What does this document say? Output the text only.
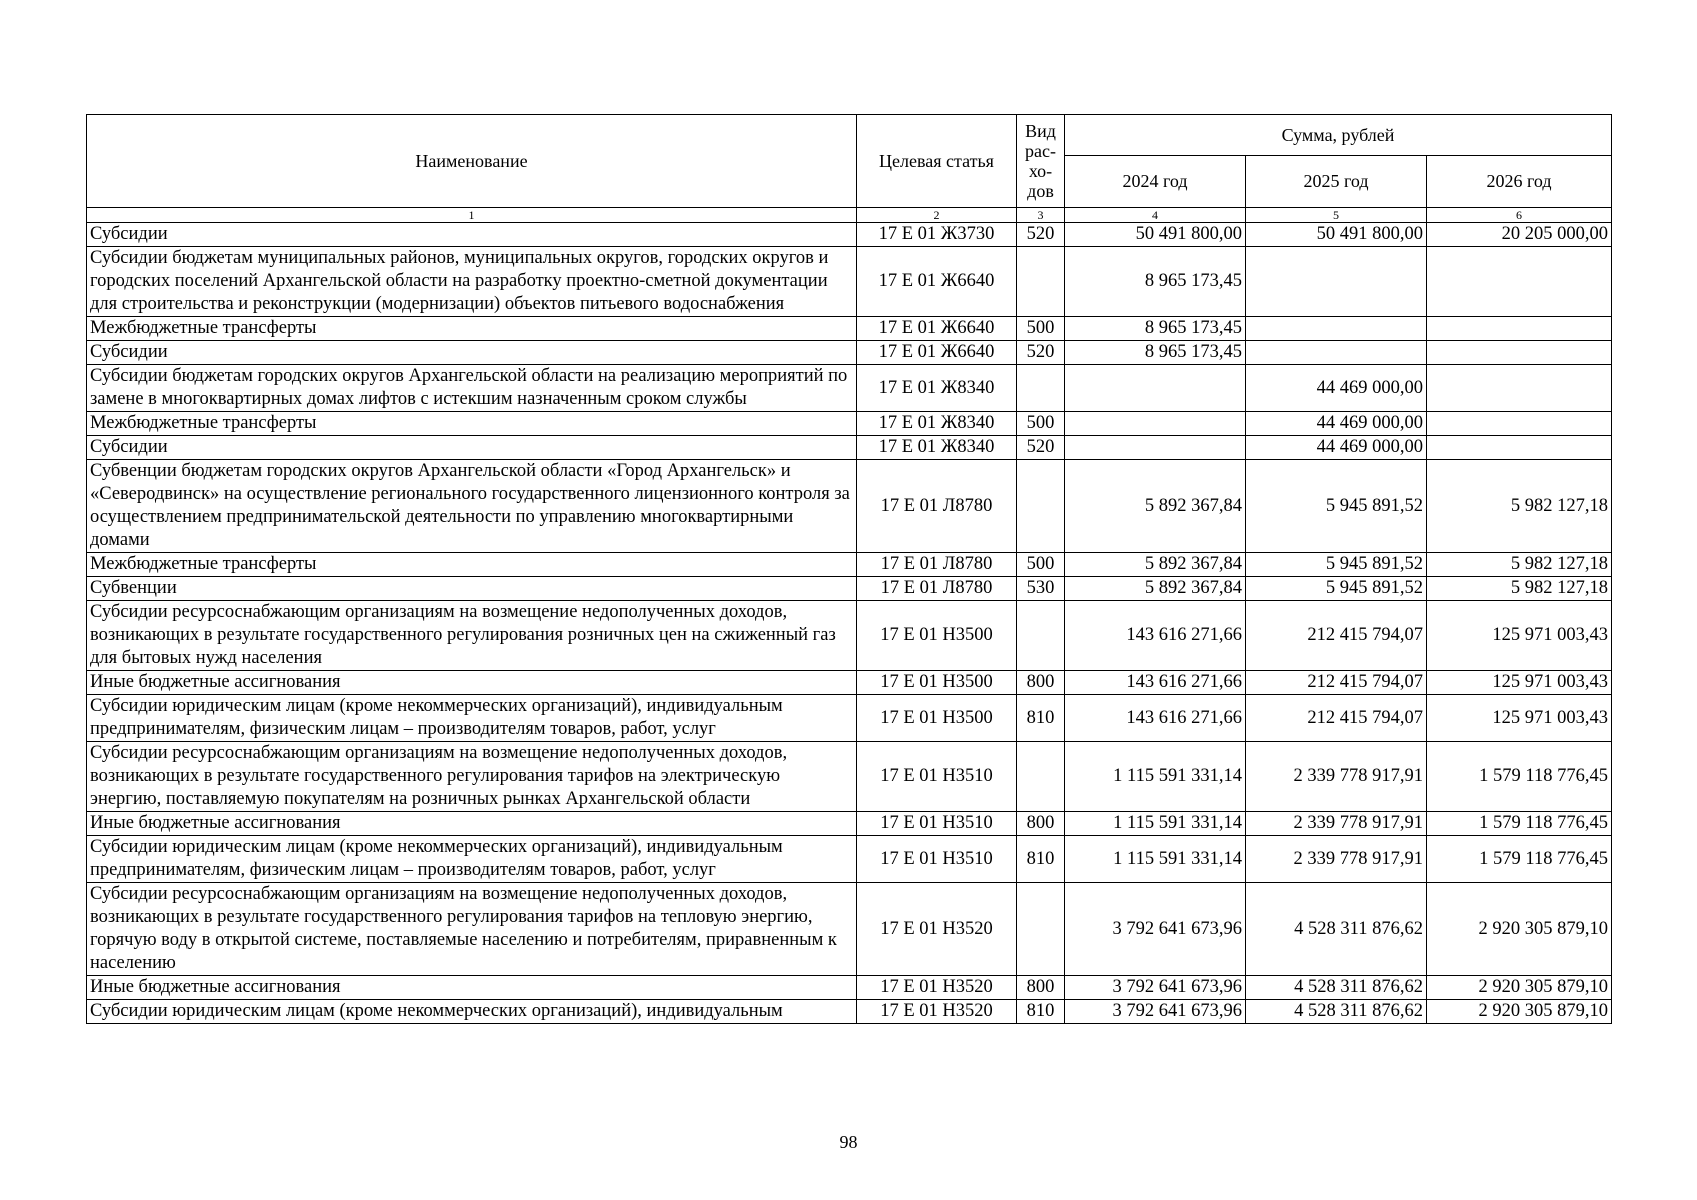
Наименование	Целевая статья	Вид рас-хо-дов	Сумма, рублей		
			2024 год	2025 год	2026 год
1	2	3	4	5	6
Субсидии	17 Е 01 Ж3730	520	50 491 800,00	50 491 800,00	20 205 000,00
Субсидии бюджетам муниципальных районов, муниципальных округов, городских округов и городских поселений Архангельской области на разработку проектно-сметной документации для строительства и реконструкции (модернизации) объектов питьевого водоснабжения	17 Е 01 Ж6640		8 965 173,45		
Межбюджетные трансферты	17 Е 01 Ж6640	500	8 965 173,45		
Субсидии	17 Е 01 Ж6640	520	8 965 173,45		
Субсидии бюджетам городских округов Архангельской области на реализацию мероприятий по замене в многоквартирных домах лифтов с истекшим назначенным сроком службы	17 Е 01 Ж8340			44 469 000,00	
Межбюджетные трансферты	17 Е 01 Ж8340	500		44 469 000,00	
Субсидии	17 Е 01 Ж8340	520		44 469 000,00	
Субвенции бюджетам городских округов Архангельской области «Город Архангельск» и «Северодвинск» на осуществление регионального государственного лицензионного контроля за осуществлением предпринимательской деятельности по управлению многоквартирными домами	17 Е 01 Л8780		5 892 367,84	5 945 891,52	5 982 127,18
Межбюджетные трансферты	17 Е 01 Л8780	500	5 892 367,84	5 945 891,52	5 982 127,18
Субвенции	17 Е 01 Л8780	530	5 892 367,84	5 945 891,52	5 982 127,18
Субсидии ресурсоснабжающим организациям на возмещение недополученных доходов, возникающих в результате государственного регулирования розничных цен на сжиженный газ для бытовых нужд населения	17 Е 01 Н3500		143 616 271,66	212 415 794,07	125 971 003,43
Иные бюджетные ассигнования	17 Е 01 Н3500	800	143 616 271,66	212 415 794,07	125 971 003,43
Субсидии юридическим лицам (кроме некоммерческих организаций), индивидуальным предпринимателям, физическим лицам – производителям товаров, работ, услуг	17 Е 01 Н3500	810	143 616 271,66	212 415 794,07	125 971 003,43
Субсидии ресурсоснабжающим организациям на возмещение недополученных доходов, возникающих в результате государственного регулирования тарифов на электрическую энергию, поставляемую покупателям на розничных рынках Архангельской области	17 Е 01 Н3510		1 115 591 331,14	2 339 778 917,91	1 579 118 776,45
Иные бюджетные ассигнования	17 Е 01 Н3510	800	1 115 591 331,14	2 339 778 917,91	1 579 118 776,45
Субсидии юридическим лицам (кроме некоммерческих организаций), индивидуальным предпринимателям, физическим лицам – производителям товаров, работ, услуг	17 Е 01 Н3510	810	1 115 591 331,14	2 339 778 917,91	1 579 118 776,45
Субсидии ресурсоснабжающим организациям на возмещение недополученных доходов, возникающих в результате государственного регулирования тарифов на тепловую энергию, горячую воду в открытой системе, поставляемые населению и потребителям, приравненным к населению	17 Е 01 Н3520		3 792 641 673,96	4 528 311 876,62	2 920 305 879,10
Иные бюджетные ассигнования	17 Е 01 Н3520	800	3 792 641 673,96	4 528 311 876,62	2 920 305 879,10
Субсидии юридическим лицам (кроме некоммерческих организаций), индивидуальным	17 Е 01 Н3520	810	3 792 641 673,96	4 528 311 876,62	2 920 305 879,10
98
